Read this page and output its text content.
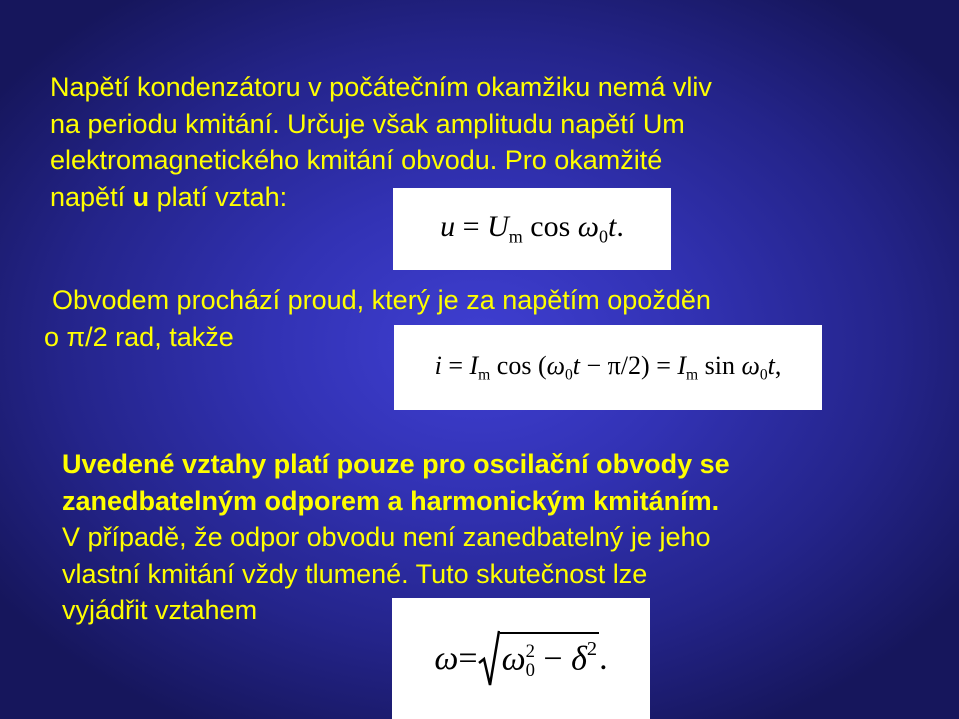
Napětí kondenzátoru v počátečním okamžiku nemá vliv
na periodu kmitání. Určuje však amplitudu napětí Um
elektromagnetického kmitání obvodu. Pro okamžité
napětí u platí vztah:
$u = U_m$ $\cos \omega_0t$.
Obvodem prochází proud, který je za napětím opožděn
o π/2 rad, takže
$i = I_m$ $\cos (\omega_0t - \pi/2) = I_m$ $\sin \omega_0t$,
Uvedené vztahy platí pouze pro oscilační obvody se
zanedbatelným odporem a harmonickým kmitáním.
V případě, že odpor obvodu není zanedbatelný je jeho
vlastní kmitání vždy tlumené. Tuto skutečnost lze
vyjádřit vztahem
ω = ω 2
$0 - \delta^2$ .
